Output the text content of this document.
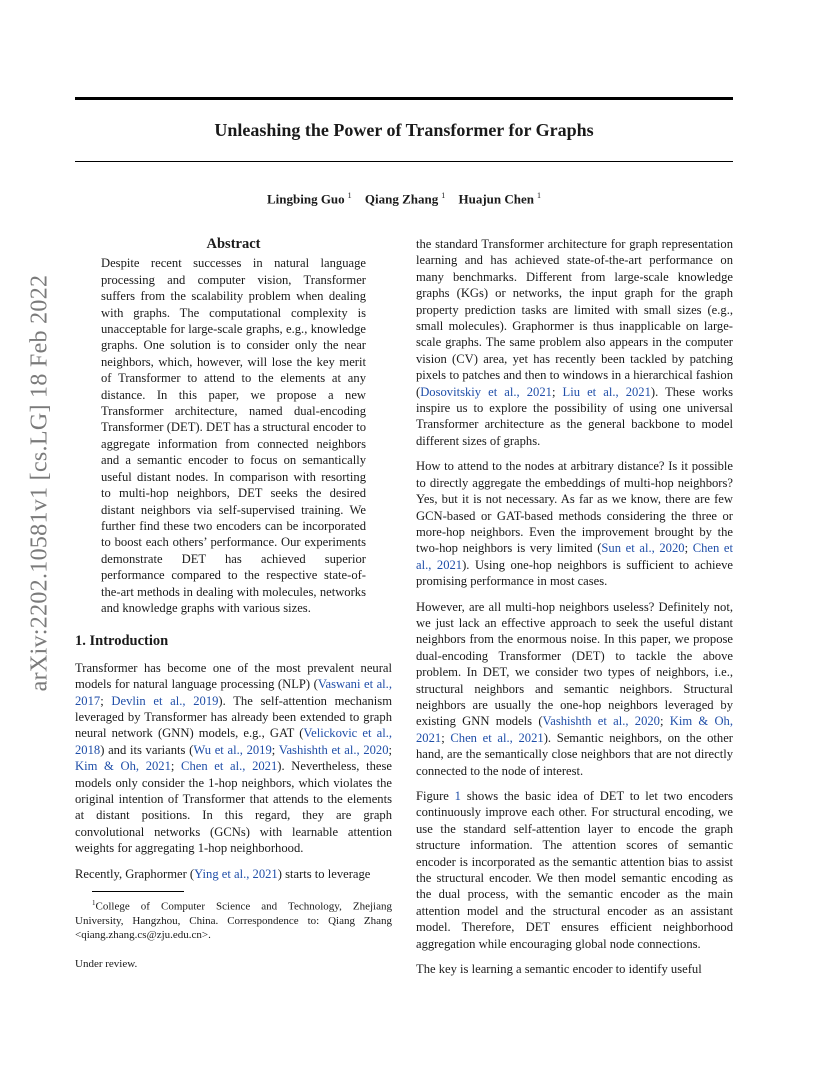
arXiv:2202.10581v1 [cs.LG] 18 Feb 2022
Unleashing the Power of Transformer for Graphs
Lingbing Guo $^1$ Qiang Zhang $^1$ Huajun Chen $^1$
Abstract

Despite recent successes in natural language processing and computer vision, Transformer suffers from the scalability problem when dealing with graphs. The computational complexity is unacceptable for large-scale graphs, e.g., knowledge graphs. One solution is to consider only the near neighbors, which, however, will lose the key merit of Transformer to attend to the elements at any distance. In this paper, we propose a new Transformer architecture, named dual-encoding Transformer (DET). DET has a structural encoder to aggregate information from connected neighbors and a semantic encoder to focus on semantically useful distant nodes. In comparison with resorting to multi-hop neighbors, DET seeks the desired distant neighbors via self-supervised training. We further find these two encoders can be incorporated to boost each others’ performance. Our experiments demonstrate DET has achieved superior performance compared to the respective state-of-the-art methods in dealing with molecules, networks and knowledge graphs with various sizes.

1. Introduction

Transformer has become one of the most prevalent neural models for natural language processing (NLP) (Vaswani et al., 2017; Devlin et al., 2019). The self-attention mechanism leveraged by Transformer has already been extended to graph neural network (GNN) models, e.g., GAT (Velickovic et al., 2018) and its variants (Wu et al., 2019; Vashishth et al., 2020; Kim & Oh, 2021; Chen et al., 2021). Nevertheless, these models only consider the 1-hop neighbors, which violates the original intention of Transformer that attends to the elements at distant positions. In this regard, they are graph convolutional networks (GCNs) with learnable attention weights for aggregating 1-hop neighborhood.

Recently, Graphormer (Ying et al., 2021) starts to leverage

$^1$College of Computer Science and Technology, Zhejiang University, Hangzhou, China. Correspondence to: Qiang Zhang <qiang.zhang.cs@zju.edu.cn>.

Under review.

the standard Transformer architecture for graph representation learning and has achieved state-of-the-art performance on many benchmarks. Different from large-scale knowledge graphs (KGs) or networks, the input graph for the graph property prediction tasks are limited with small sizes (e.g., small molecules). Graphormer is thus inapplicable on large-scale graphs. The same problem also appears in the computer vision (CV) area, yet has recently been tackled by patching pixels to patches and then to windows in a hierarchical fashion (Dosovitskiy et al., 2021; Liu et al., 2021). These works inspire us to explore the possibility of using one universal Transformer architecture as the general backbone to model different sizes of graphs.

How to attend to the nodes at arbitrary distance? Is it possible to directly aggregate the embeddings of multi-hop neighbors? Yes, but it is not necessary. As far as we know, there are few GCN-based or GAT-based methods considering the three or more-hop neighbors. Even the improvement brought by the two-hop neighbors is very limited (Sun et al., 2020; Chen et al., 2021). Using one-hop neighbors is sufficient to achieve promising performance in most cases.

However, are all multi-hop neighbors useless? Definitely not, we just lack an effective approach to seek the useful distant neighbors from the enormous noise. In this paper, we propose dual-encoding Transformer (DET) to tackle the above problem. In DET, we consider two types of neighbors, i.e., structural neighbors and semantic neighbors. Structural neighbors are usually the one-hop neighbors leveraged by existing GNN models (Vashishth et al., 2020; Kim & Oh, 2021; Chen et al., 2021). Semantic neighbors, on the other hand, are the semantically close neighbors that are not directly connected to the node of interest.

Figure 1 shows the basic idea of DET to let two encoders continuously improve each other. For structural encoding, we use the standard self-attention layer to encode the graph structure information. The attention scores of semantic encoder is incorporated as the semantic attention bias to assist the structural encoder. We then model semantic encoding as the dual process, with the semantic encoder as the main attention model and the structural encoder as an assistant model. Therefore, DET ensures efficient neighborhood aggregation while encouraging global node connections.

The key is learning a semantic encoder to identify useful
